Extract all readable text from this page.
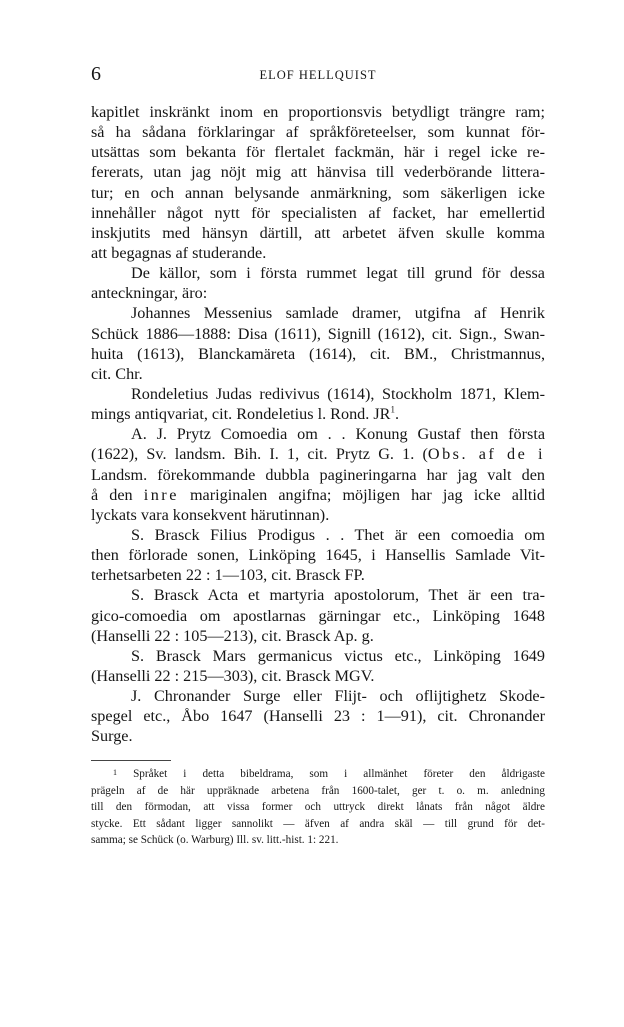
6	ELOF HELLQUIST
kapitlet inskränkt inom en proportionsvis betydligt trängre ram;
så ha sådana förklaringar af språkföreteelser, som kunnat för-
utsättas som bekanta för flertalet fackmän, här i regel icke re-
fererats, utan jag nöjt mig att hänvisa till vederbörande littera-
tur; en och annan belysande anmärkning, som säkerligen icke
innehåller något nytt för specialisten af facket, har emellertid
inskjutits med hänsyn därtill, att arbetet äfven skulle komma
att begagnas af studerande.
De källor, som i första rummet legat till grund för dessa
anteckningar, äro:
Johannes Messenius samlade dramer, utgifna af Henrik
Schück 1886—1888: Disa (1611), Signill (1612), cit. Sign., Swan-
huita (1613), Blanckamäreta (1614), cit. BM., Christmannus,
cit. Chr.
Rondeletius Judas redivivus (1614), Stockholm 1871, Klem-
mings antiqvariat, cit. Rondeletius l. Rond. $JR^1$.
A. J. Prytz Comoedia om . . Konung Gustaf then första
(1622), Sv. landsm. Bih. I. 1, cit. Prytz G. 1. (Obs. af de i
Landsm. förekommande dubbla pagineringarna har jag valt den
å den inre mariginalen angifna; möjligen har jag icke alltid
lyckats vara konsekvent härutinnan).
S. Brasck Filius Prodigus . . Thet är een comoedia om
then förlorade sonen, Linköping 1645, i Hansellis Samlade Vit-
terhetsarbeten 22 : 1—103, cit. Brasck FP.
S. Brasck Acta et martyria apostolorum, Thet är een tra-
gico-comoedia om apostlarnas gärningar etc., Linköping 1648
(Hanselli 22 : 105—213), cit. Brasck Ap. g.
S. Brasck Mars germanicus victus etc., Linköping 1649
(Hanselli 22 : 215—303), cit. Brasck MGV.
J. Chronander Surge eller Flijt- och oflijtighetz Skode-
spegel etc., Åbo 1647 (Hanselli 23 : 1—91), cit. Chronander
Surge.
1 Språket i detta bibeldrama, som i allmänhet företer den åldrigaste
prägeln af de här uppräknade arbetena från 1600-talet, ger t. o. m. anledning
till den förmodan, att vissa former och uttryck direkt lånats från något äldre
stycke. Ett sådant ligger sannolikt — äfven af andra skäl — till grund för det-
samma; se Schück (o. Warburg) Ill. sv. litt.-hist. 1: 221.
